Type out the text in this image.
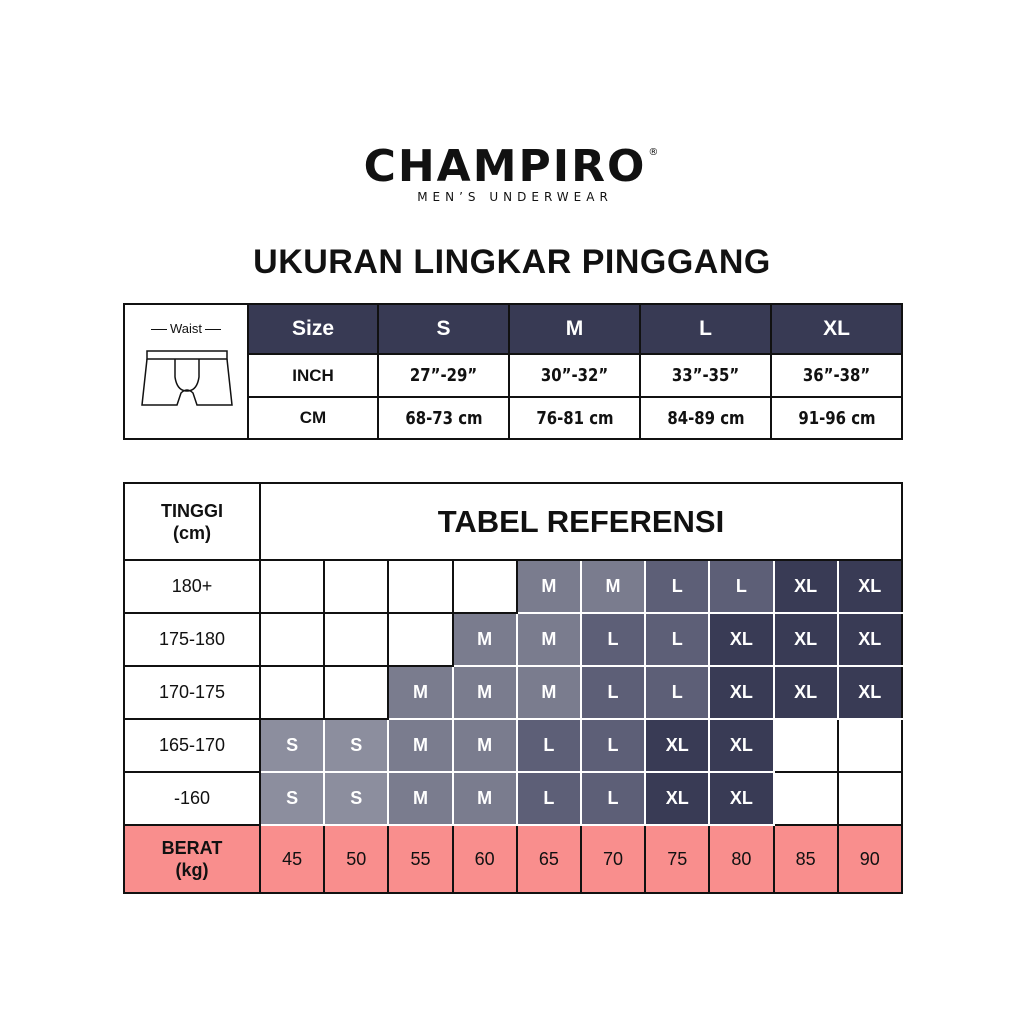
CHAMPIRO ®
MEN’S UNDERWEAR
UKURAN LINGKAR PINGGANG
Waist	Size	S	M	L	XL
	INCH	27”-29”	30”-32”	33”-35”	36”-38”
	CM	68-73 cm	76-81 cm	84-89 cm	91-96 cm
TINGGI
(cm)	TABEL REFERENSI									
180+					M	M	L	L	XL	XL
175-180				M	M	L	L	XL	XL	XL
170-175			M	M	M	L	L	XL	XL	XL
165-170	S	S	M	M	L	L	XL	XL		
-160	S	S	M	M	L	L	XL	XL		

BERAT
(kg)	45	50	55	60	65	70	75	80	85	90
